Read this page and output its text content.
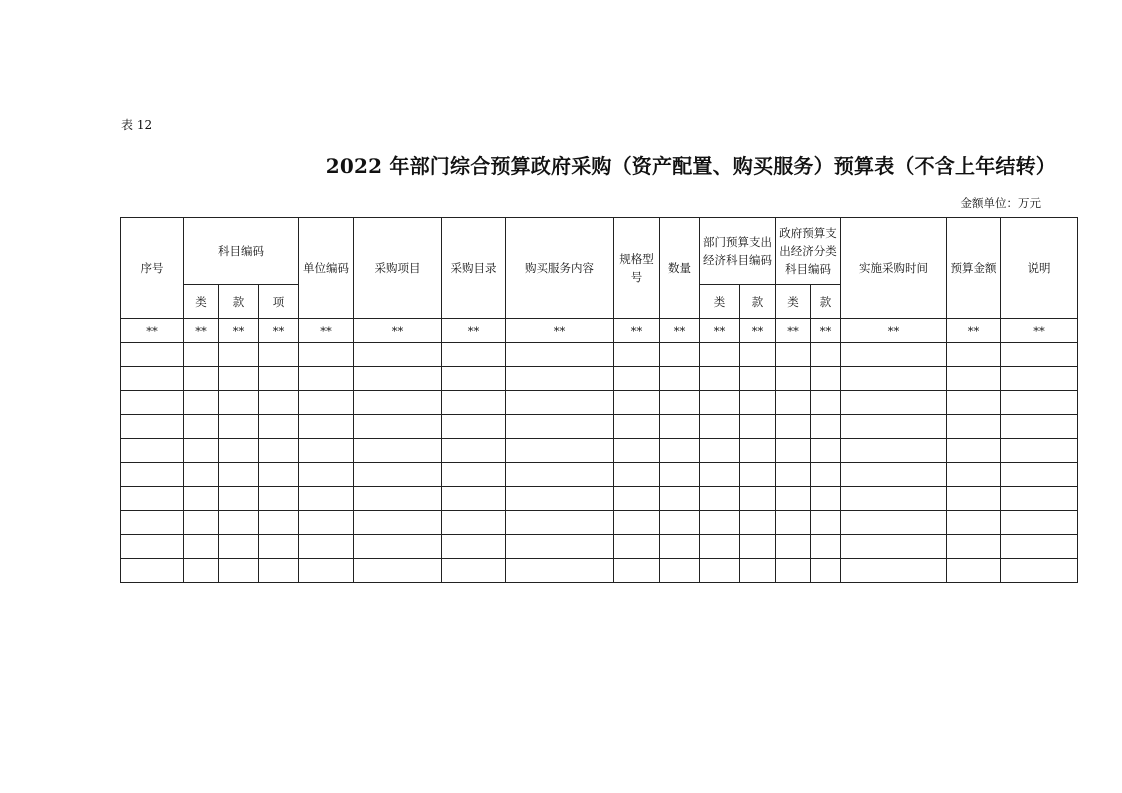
表 12
2022 年部门综合预算政府采购（资产配置、购买服务）预算表（不含上年结转）
金额单位：万元
序号	科目编码			单位编码	采购项目	采购目录	购买服务内容	规格型号	数量	部门预算支出经济科目编码		政府预算支出经济分类科目编码		实施采购时间	预算金额	说明
	类	款	项							类	款	类	款			
**	**	**	**	**	**	**	**	**	**	**	**	**	**	**	**	**
